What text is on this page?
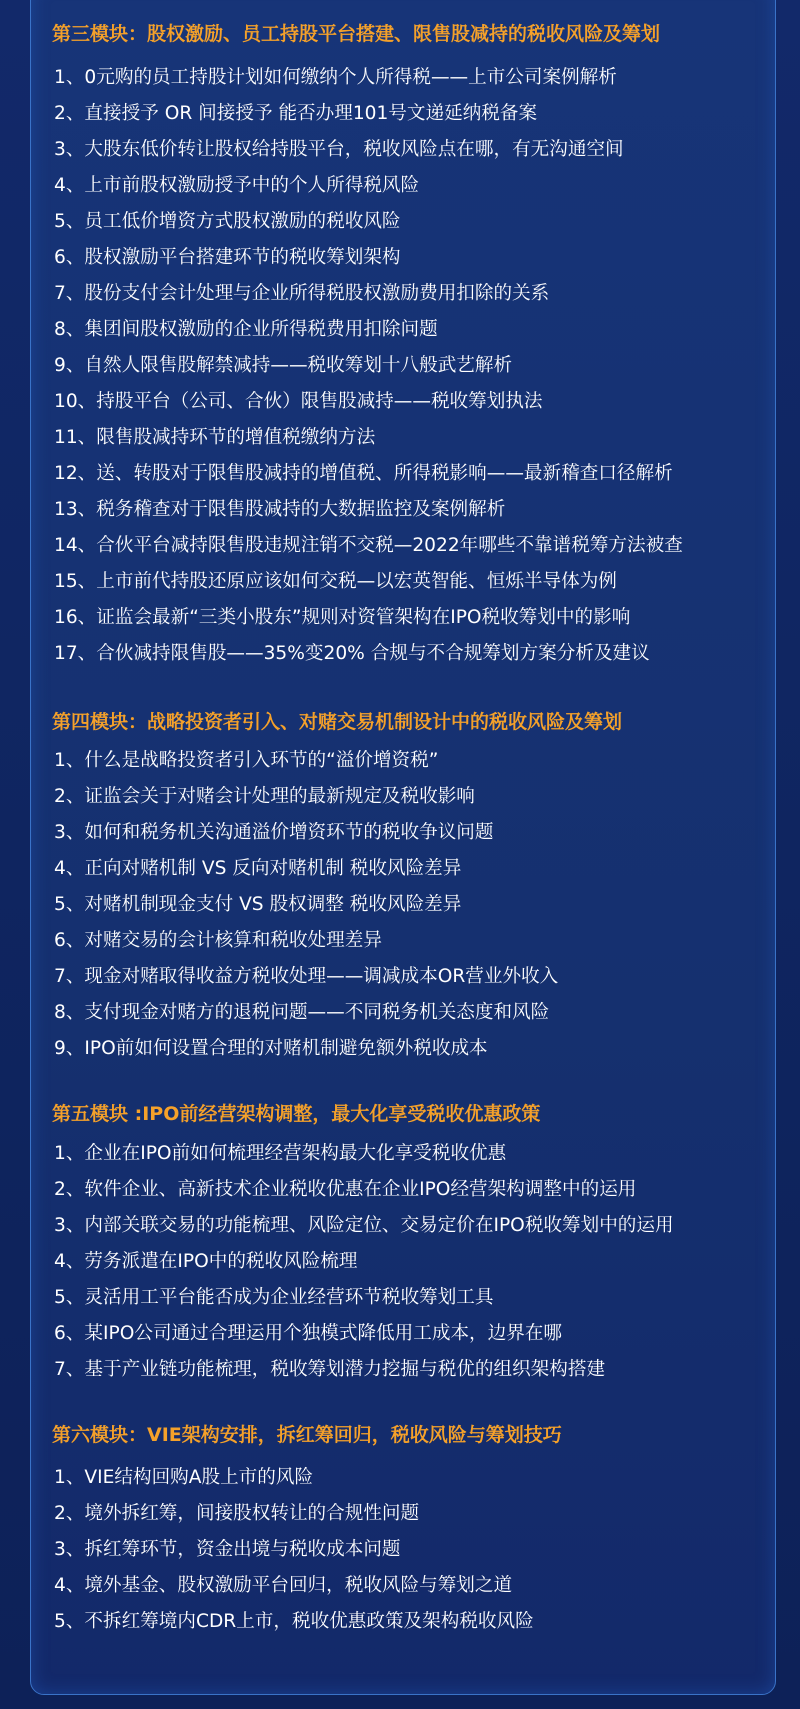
第三模块：股权激励、员工持股平台搭建、限售股减持的税收风险及筹划
1、0元购的员工持股计划如何缴纳个人所得税——上市公司案例解析
2、直接授予 OR 间接授予 能否办理101号文递延纳税备案
3、大股东低价转让股权给持股平台，税收风险点在哪，有无沟通空间
4、上市前股权激励授予中的个人所得税风险
5、员工低价增资方式股权激励的税收风险
6、股权激励平台搭建环节的税收筹划架构
7、股份支付会计处理与企业所得税股权激励费用扣除的关系
8、集团间股权激励的企业所得税费用扣除问题
9、自然人限售股解禁减持——税收筹划十八般武艺解析
10、持股平台（公司、合伙）限售股减持——税收筹划执法
11、限售股减持环节的增值税缴纳方法
12、送、转股对于限售股减持的增值税、所得税影响——最新稽查口径解析
13、税务稽查对于限售股减持的大数据监控及案例解析
14、合伙平台减持限售股违规注销不交税—2022年哪些不靠谱税筹方法被查
15、上市前代持股还原应该如何交税—以宏英智能、恒烁半导体为例
16、证监会最新“三类小股东”规则对资管架构在IPO税收筹划中的影响
17、合伙减持限售股——35%变20% 合规与不合规筹划方案分析及建议
第四模块：战略投资者引入、对赌交易机制设计中的税收风险及筹划
1、什么是战略投资者引入环节的“溢价增资税”
2、证监会关于对赌会计处理的最新规定及税收影响
3、如何和税务机关沟通溢价增资环节的税收争议问题
4、正向对赌机制 VS 反向对赌机制 税收风险差异
5、对赌机制现金支付 VS 股权调整 税收风险差异
6、对赌交易的会计核算和税收处理差异
7、现金对赌取得收益方税收处理——调减成本OR营业外收入
8、支付现金对赌方的退税问题——不同税务机关态度和风险
9、IPO前如何设置合理的对赌机制避免额外税收成本
第五模块 :IPO前经营架构调整，最大化享受税收优惠政策
1、企业在IPO前如何梳理经营架构最大化享受税收优惠
2、软件企业、高新技术企业税收优惠在企业IPO经营架构调整中的运用
3、内部关联交易的功能梳理、风险定位、交易定价在IPO税收筹划中的运用
4、劳务派遣在IPO中的税收风险梳理
5、灵活用工平台能否成为企业经营环节税收筹划工具
6、某IPO公司通过合理运用个独模式降低用工成本，边界在哪
7、基于产业链功能梳理，税收筹划潜力挖掘与税优的组织架构搭建
第六模块：VIE架构安排，拆红筹回归，税收风险与筹划技巧
1、VIE结构回购A股上市的风险
2、境外拆红筹，间接股权转让的合规性问题
3、拆红筹环节，资金出境与税收成本问题
4、境外基金、股权激励平台回归，税收风险与筹划之道
5、不拆红筹境内CDR上市，税收优惠政策及架构税收风险
